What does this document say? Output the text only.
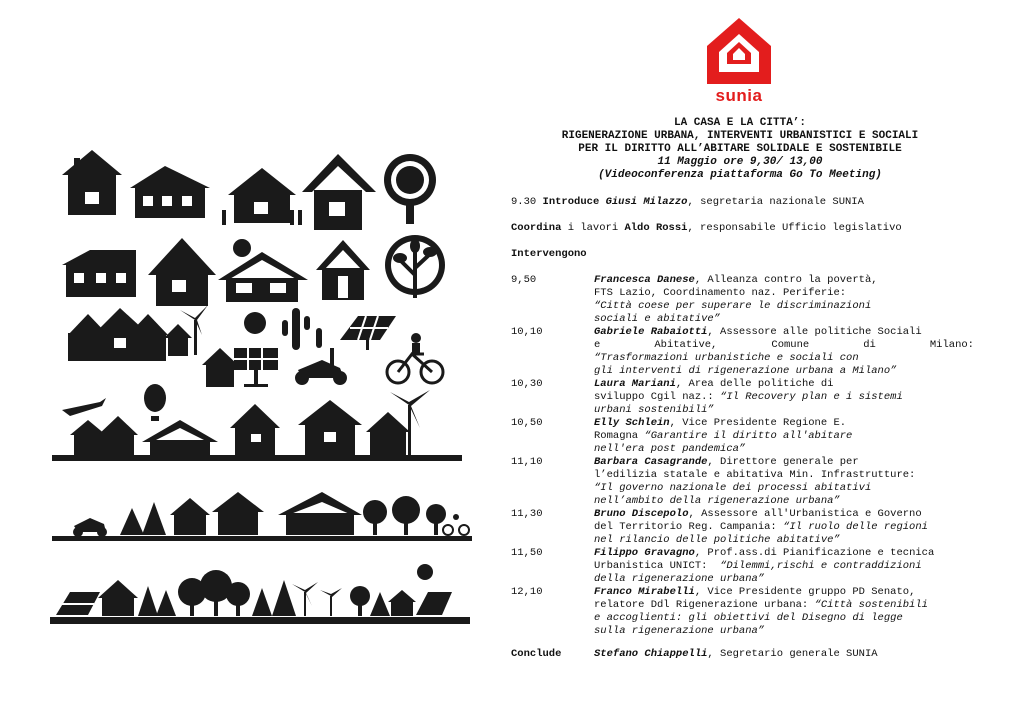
sunia
LA CASA E LA CITTA’:
RIGENERAZIONE URBANA, INTERVENTI URBANISTICI E SOCIALI
PER IL DIRITTO ALL’ABITARE SOLIDALE E SOSTENIBILE
11 Maggio ore 9,30/ 13,00
(Videoconferenza piattaforma Go To Meeting)
9.30 Introduce Giusi Milazzo, segretaria nazionale SUNIA
Coordina i lavori Aldo Rossi, responsabile Ufficio legislativo
Intervengono
9,50	Francesca Danese, Alleanza contro la povertà,
FTS Lazio, Coordinamento naz. Periferie:
“Città coese per superare le discriminazioni
sociali e abitative”
10,10	Gabriele Rabaiotti, Assessore alle politiche Sociali
e	Abitative,	Comune	di	Milano:
“Trasformazioni urbanistiche e sociali con
gli interventi di rigenerazione urbana a Milano”
10,30	Laura Mariani, Area delle politiche di
sviluppo Cgil naz.: “Il Recovery plan e i sistemi
urbani sostenibili”
10,50	Elly Schlein, Vice Presidente Regione E.
Romagna “Garantire il diritto all'abitare
nell'era post pandemica”
11,10	Barbara Casagrande, Direttore generale per
l’edilizia statale e abitativa Min. Infrastrutture:
“Il governo nazionale dei processi abitativi
nell’ambito della rigenerazione urbana”
11,30	Bruno Discepolo, Assessore all'Urbanistica e Governo
del Territorio Reg. Campania: “Il ruolo delle regioni
nel rilancio delle politiche abitative”
11,50	Filippo Gravagno, Prof.ass.di Pianificazione e tecnica
Urbanistica UNICT:  “Dilemmi,rischi e contraddizioni
della rigenerazione urbana”
12,10	Franco Mirabelli, Vice Presidente gruppo PD Senato,
relatore Ddl Rigenerazione urbana: “Città sostenibili
e accoglienti: gli obiettivi del Disegno di legge
sulla rigenerazione urbana”
Conclude	Stefano Chiappelli, Segretario generale SUNIA
